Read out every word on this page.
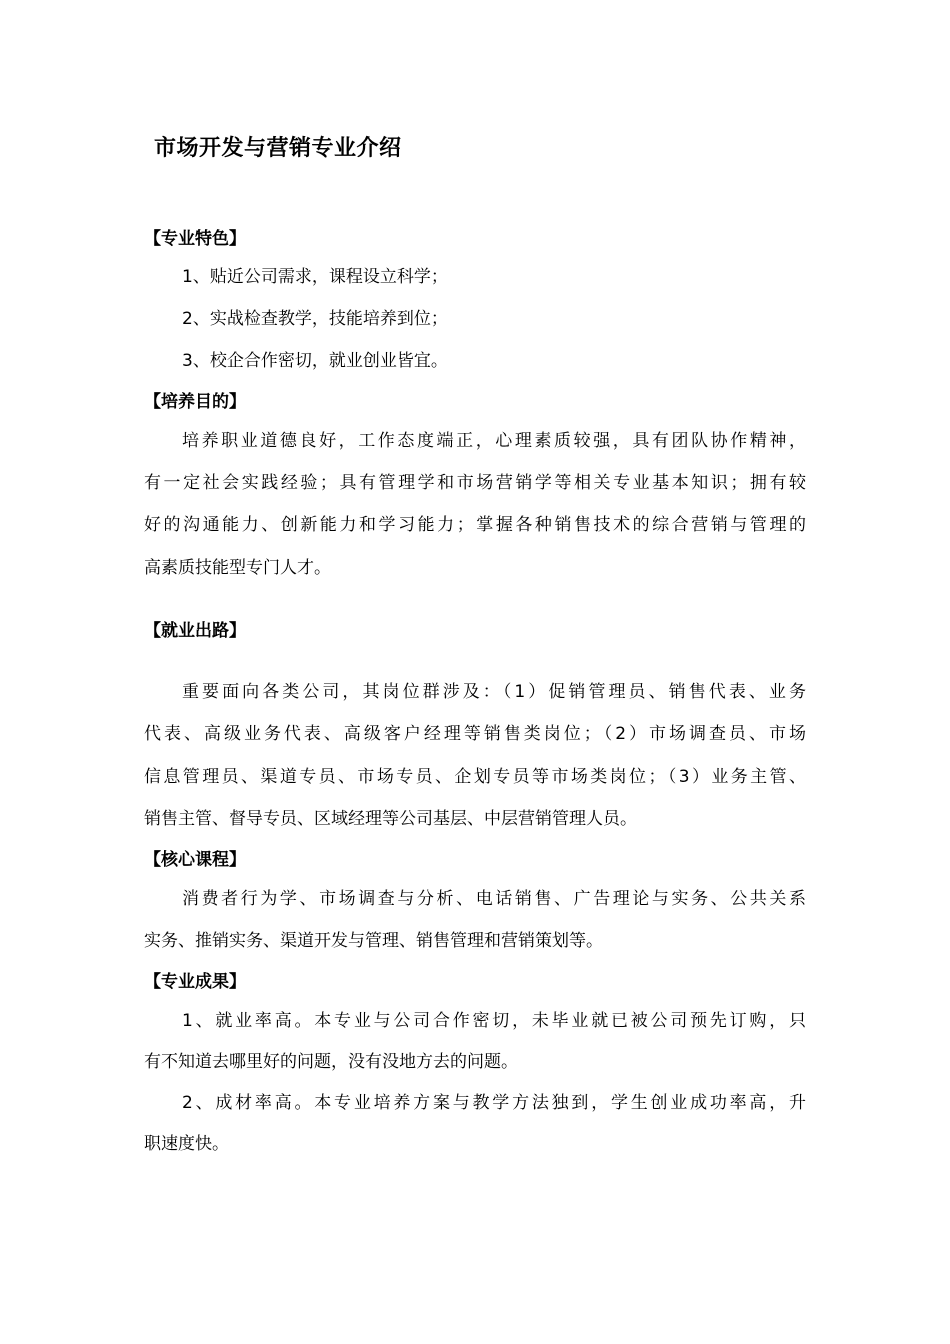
市场开发与营销专业介绍
【专业特色】
1、贴近公司需求，课程设立科学；
2、实战检查教学，技能培养到位；
3、校企合作密切，就业创业皆宜。
【培养目的】
培养职业道德良好，工作态度端正，心理素质较强，具有团队协作精神，
有一定社会实践经验；具有管理学和市场营销学等相关专业基本知识；拥有较
好的沟通能力、创新能力和学习能力；掌握各种销售技术的综合营销与管理的
高素质技能型专门人才。
【就业出路】
重要面向各类公司，其岗位群涉及：（1）促销管理员、销售代表、业务
代表、高级业务代表、高级客户经理等销售类岗位；（2）市场调查员、市场
信息管理员、渠道专员、市场专员、企划专员等市场类岗位；（3）业务主管、
销售主管、督导专员、区域经理等公司基层、中层营销管理人员。
【核心课程】
消费者行为学、市场调查与分析、电话销售、广告理论与实务、公共关系
实务、推销实务、渠道开发与管理、销售管理和营销策划等。
【专业成果】
1、就业率高。本专业与公司合作密切，未毕业就已被公司预先订购，只
有不知道去哪里好的问题，没有没地方去的问题。
2、成材率高。本专业培养方案与教学方法独到，学生创业成功率高，升
职速度快。
